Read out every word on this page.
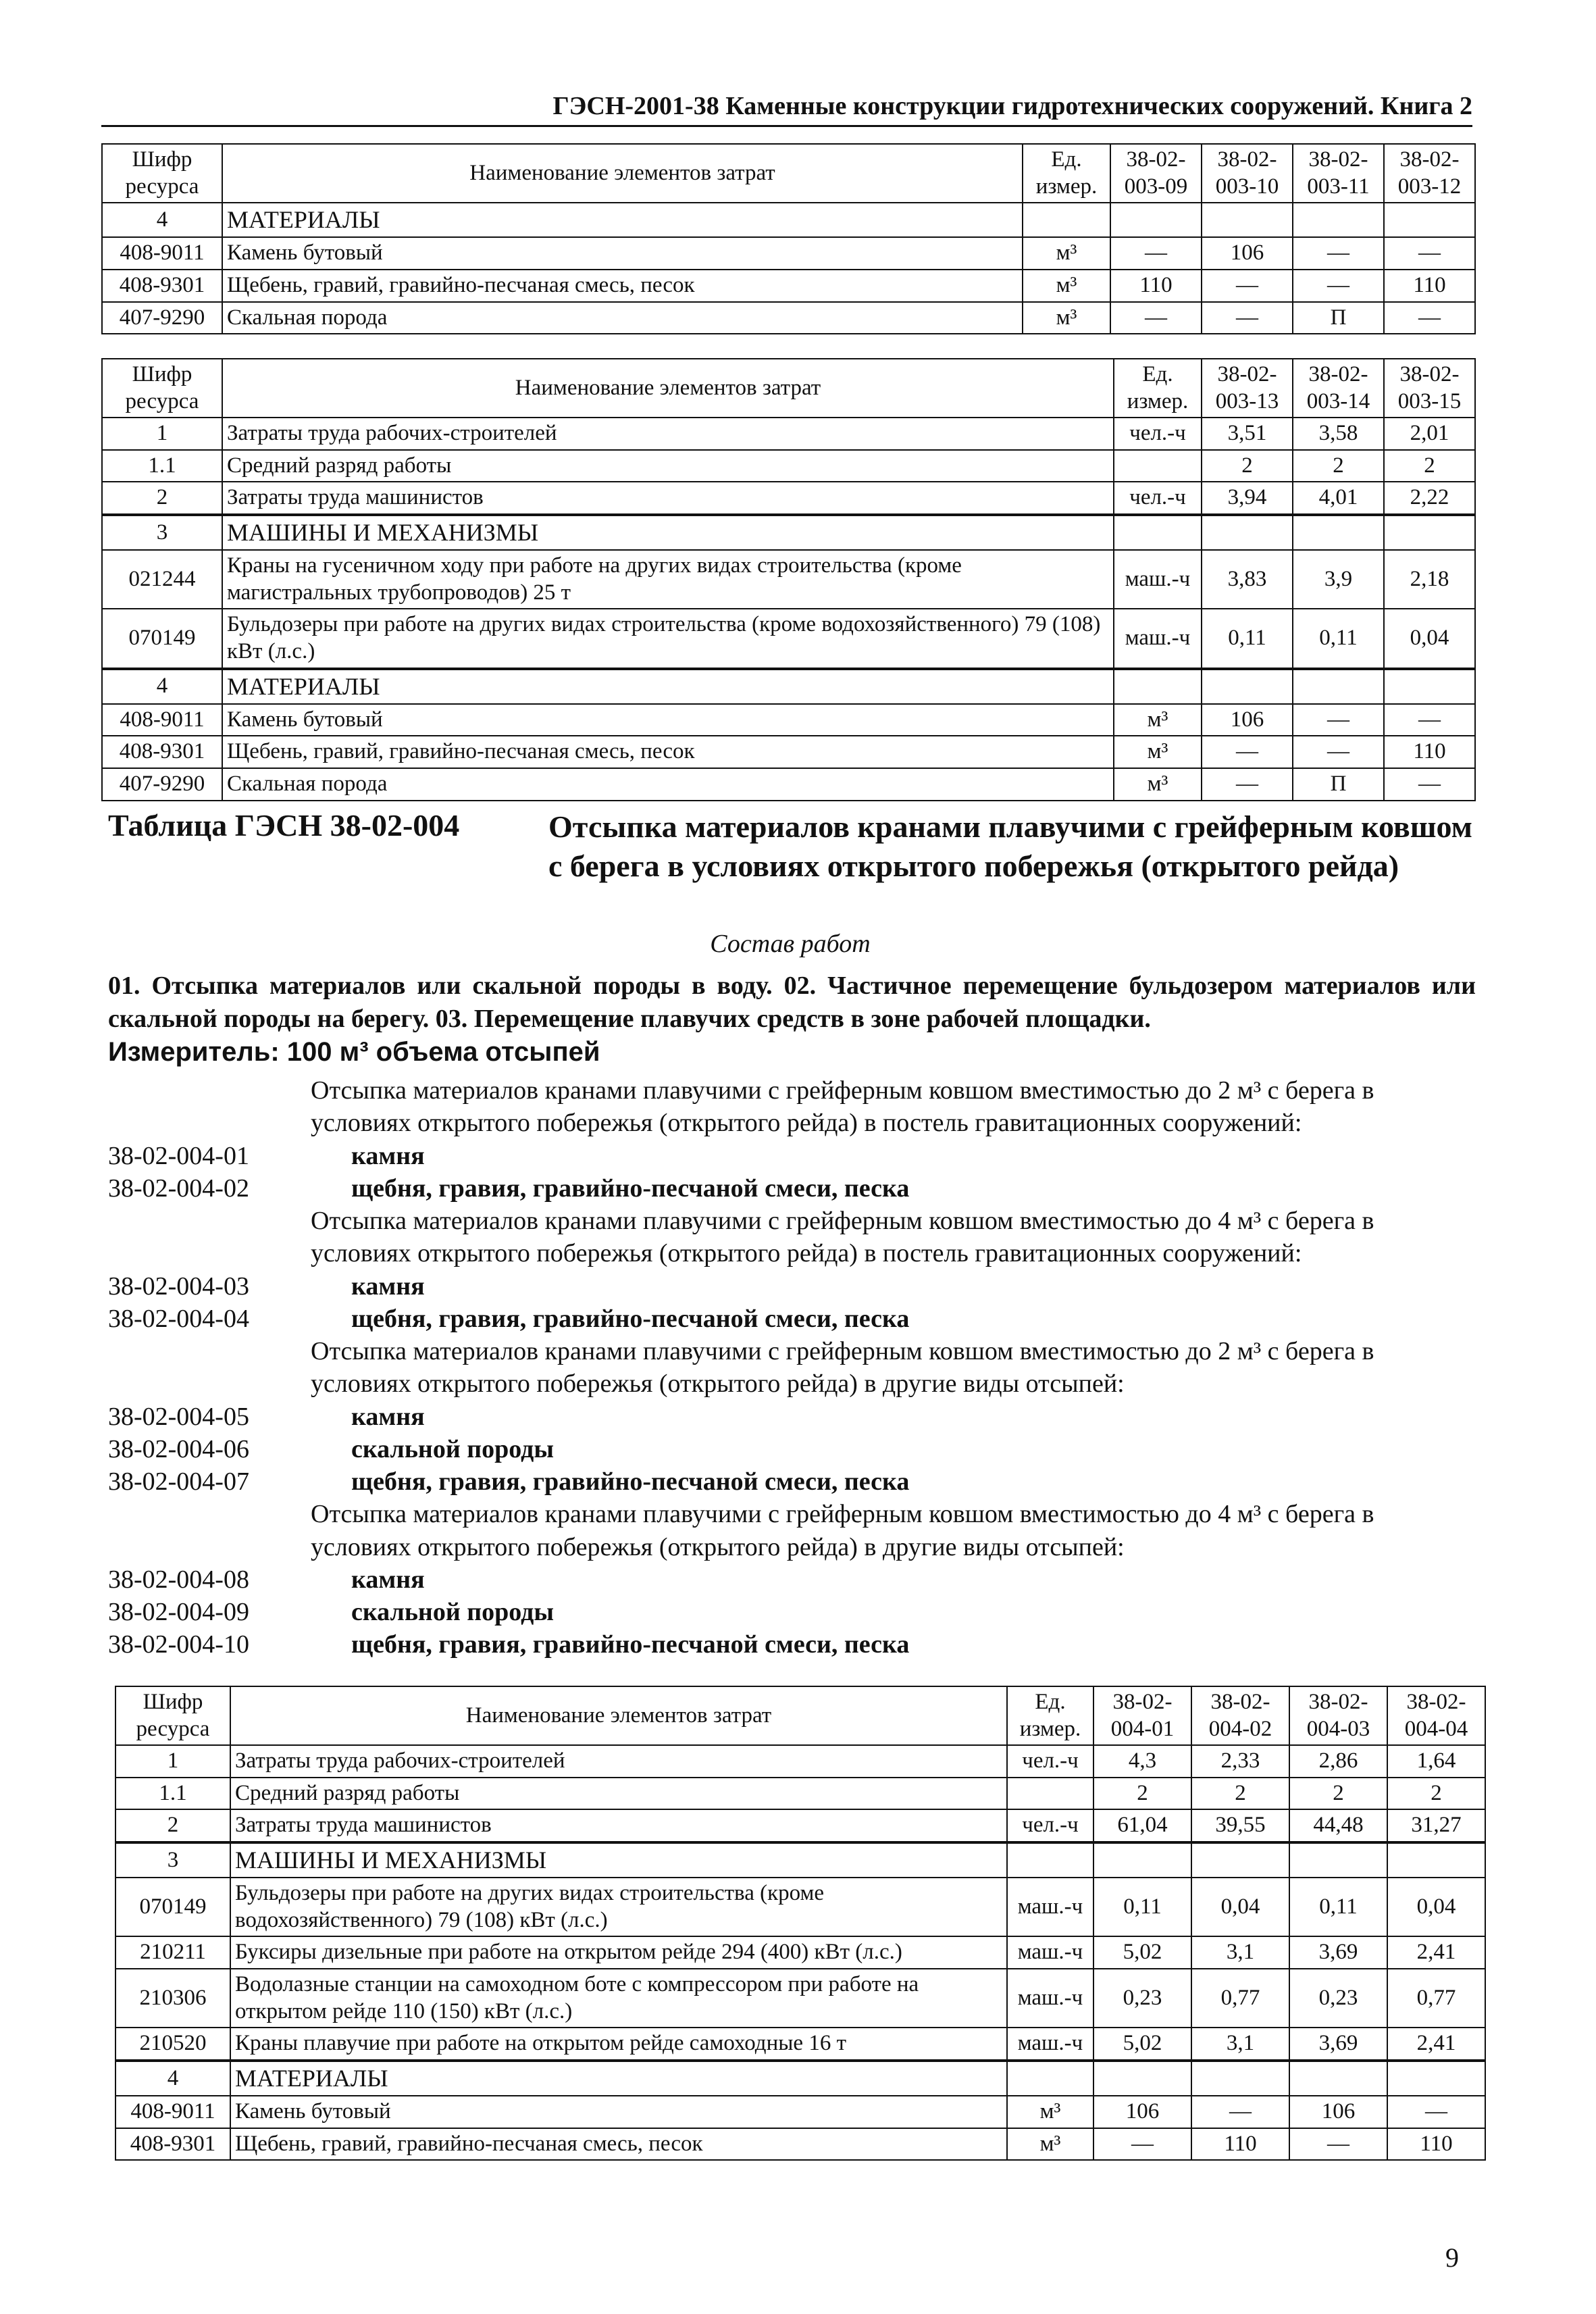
ГЭСН-2001-38 Каменные конструкции гидротехнических сооружений. Книга 2
Шифр ресурса	Наименование элементов затрат	Ед. измер.	38-02-003-09	38-02-003-10	38-02-003-11	38-02-003-12
4	МАТЕРИАЛЫ					
408-9011	Камень бутовый	м³	—	106	—	—
408-9301	Щебень, гравий, гравийно-песчаная смесь, песок	м³	110	—	—	110
407-9290	Скальная порода	м³	—	—	П	—
Шифр ресурса	Наименование элементов затрат	Ед. измер.	38-02-003-13	38-02-003-14	38-02-003-15
1	Затраты труда рабочих-строителей	чел.-ч	3,51	3,58	2,01
1.1	Средний разряд работы		2	2	2
2	Затраты труда машинистов	чел.-ч	3,94	4,01	2,22
3	МАШИНЫ И МЕХАНИЗМЫ				
021244	Краны на гусеничном ходу при работе на других видах строительства (кроме магистральных трубопроводов) 25 т	маш.-ч	3,83	3,9	2,18
070149	Бульдозеры при работе на других видах строительства (кроме водохозяйственного) 79 (108) кВт (л.с.)	маш.-ч	0,11	0,11	0,04
4	МАТЕРИАЛЫ				
408-9011	Камень бутовый	м³	106	—	—
408-9301	Щебень, гравий, гравийно-песчаная смесь, песок	м³	—	—	110
407-9290	Скальная порода	м³	—	П	—
Таблица ГЭСН 38-02-004	Отсыпка материалов кранами плавучими с грейферным ковшом с берега в условиях открытого побережья (открытого рейда)
Состав работ
01. Отсыпка материалов или скальной породы в воду. 02. Частичное перемещение бульдозером материалов или скальной породы на берегу. 03. Перемещение плавучих средств в зоне рабочей площадки.
Измеритель: 100 м³ объема отсыпей
Отсыпка материалов кранами плавучими с грейферным ковшом вместимостью до 2 м³ с берега в условиях открытого побережья (открытого рейда) в постель гравитационных сооружений:
38-02-004-01	камня
38-02-004-02	щебня, гравия, гравийно-песчаной смеси, песка
Отсыпка материалов кранами плавучими с грейферным ковшом вместимостью до 4 м³ с берега в условиях открытого побережья (открытого рейда) в постель гравитационных сооружений:
38-02-004-03	камня
38-02-004-04	щебня, гравия, гравийно-песчаной смеси, песка
Отсыпка материалов кранами плавучими с грейферным ковшом вместимостью до 2 м³ с берега в условиях открытого побережья (открытого рейда) в другие виды отсыпей:
38-02-004-05	камня
38-02-004-06	скальной породы
38-02-004-07	щебня, гравия, гравийно-песчаной смеси, песка
Отсыпка материалов кранами плавучими с грейферным ковшом вместимостью до 4 м³ с берега в условиях открытого побережья (открытого рейда) в другие виды отсыпей:
38-02-004-08	камня
38-02-004-09	скальной породы
38-02-004-10	щебня, гравия, гравийно-песчаной смеси, песка
Шифр ресурса	Наименование элементов затрат	Ед. измер.	38-02-004-01	38-02-004-02	38-02-004-03	38-02-004-04
1	Затраты труда рабочих-строителей	чел.-ч	4,3	2,33	2,86	1,64
1.1	Средний разряд работы		2	2	2	2
2	Затраты труда машинистов	чел.-ч	61,04	39,55	44,48	31,27
3	МАШИНЫ И МЕХАНИЗМЫ					
070149	Бульдозеры при работе на других видах строительства (кроме водохозяйственного) 79 (108) кВт (л.с.)	маш.-ч	0,11	0,04	0,11	0,04
210211	Буксиры дизельные при работе на открытом рейде 294 (400) кВт (л.с.)	маш.-ч	5,02	3,1	3,69	2,41
210306	Водолазные станции на самоходном боте с компрессором при работе на открытом рейде 110 (150) кВт (л.с.)	маш.-ч	0,23	0,77	0,23	0,77
210520	Краны плавучие при работе на открытом рейде самоходные 16 т	маш.-ч	5,02	3,1	3,69	2,41
4	МАТЕРИАЛЫ					
408-9011	Камень бутовый	м³	106	—	106	—
408-9301	Щебень, гравий, гравийно-песчаная смесь, песок	м³	—	110	—	110
9
